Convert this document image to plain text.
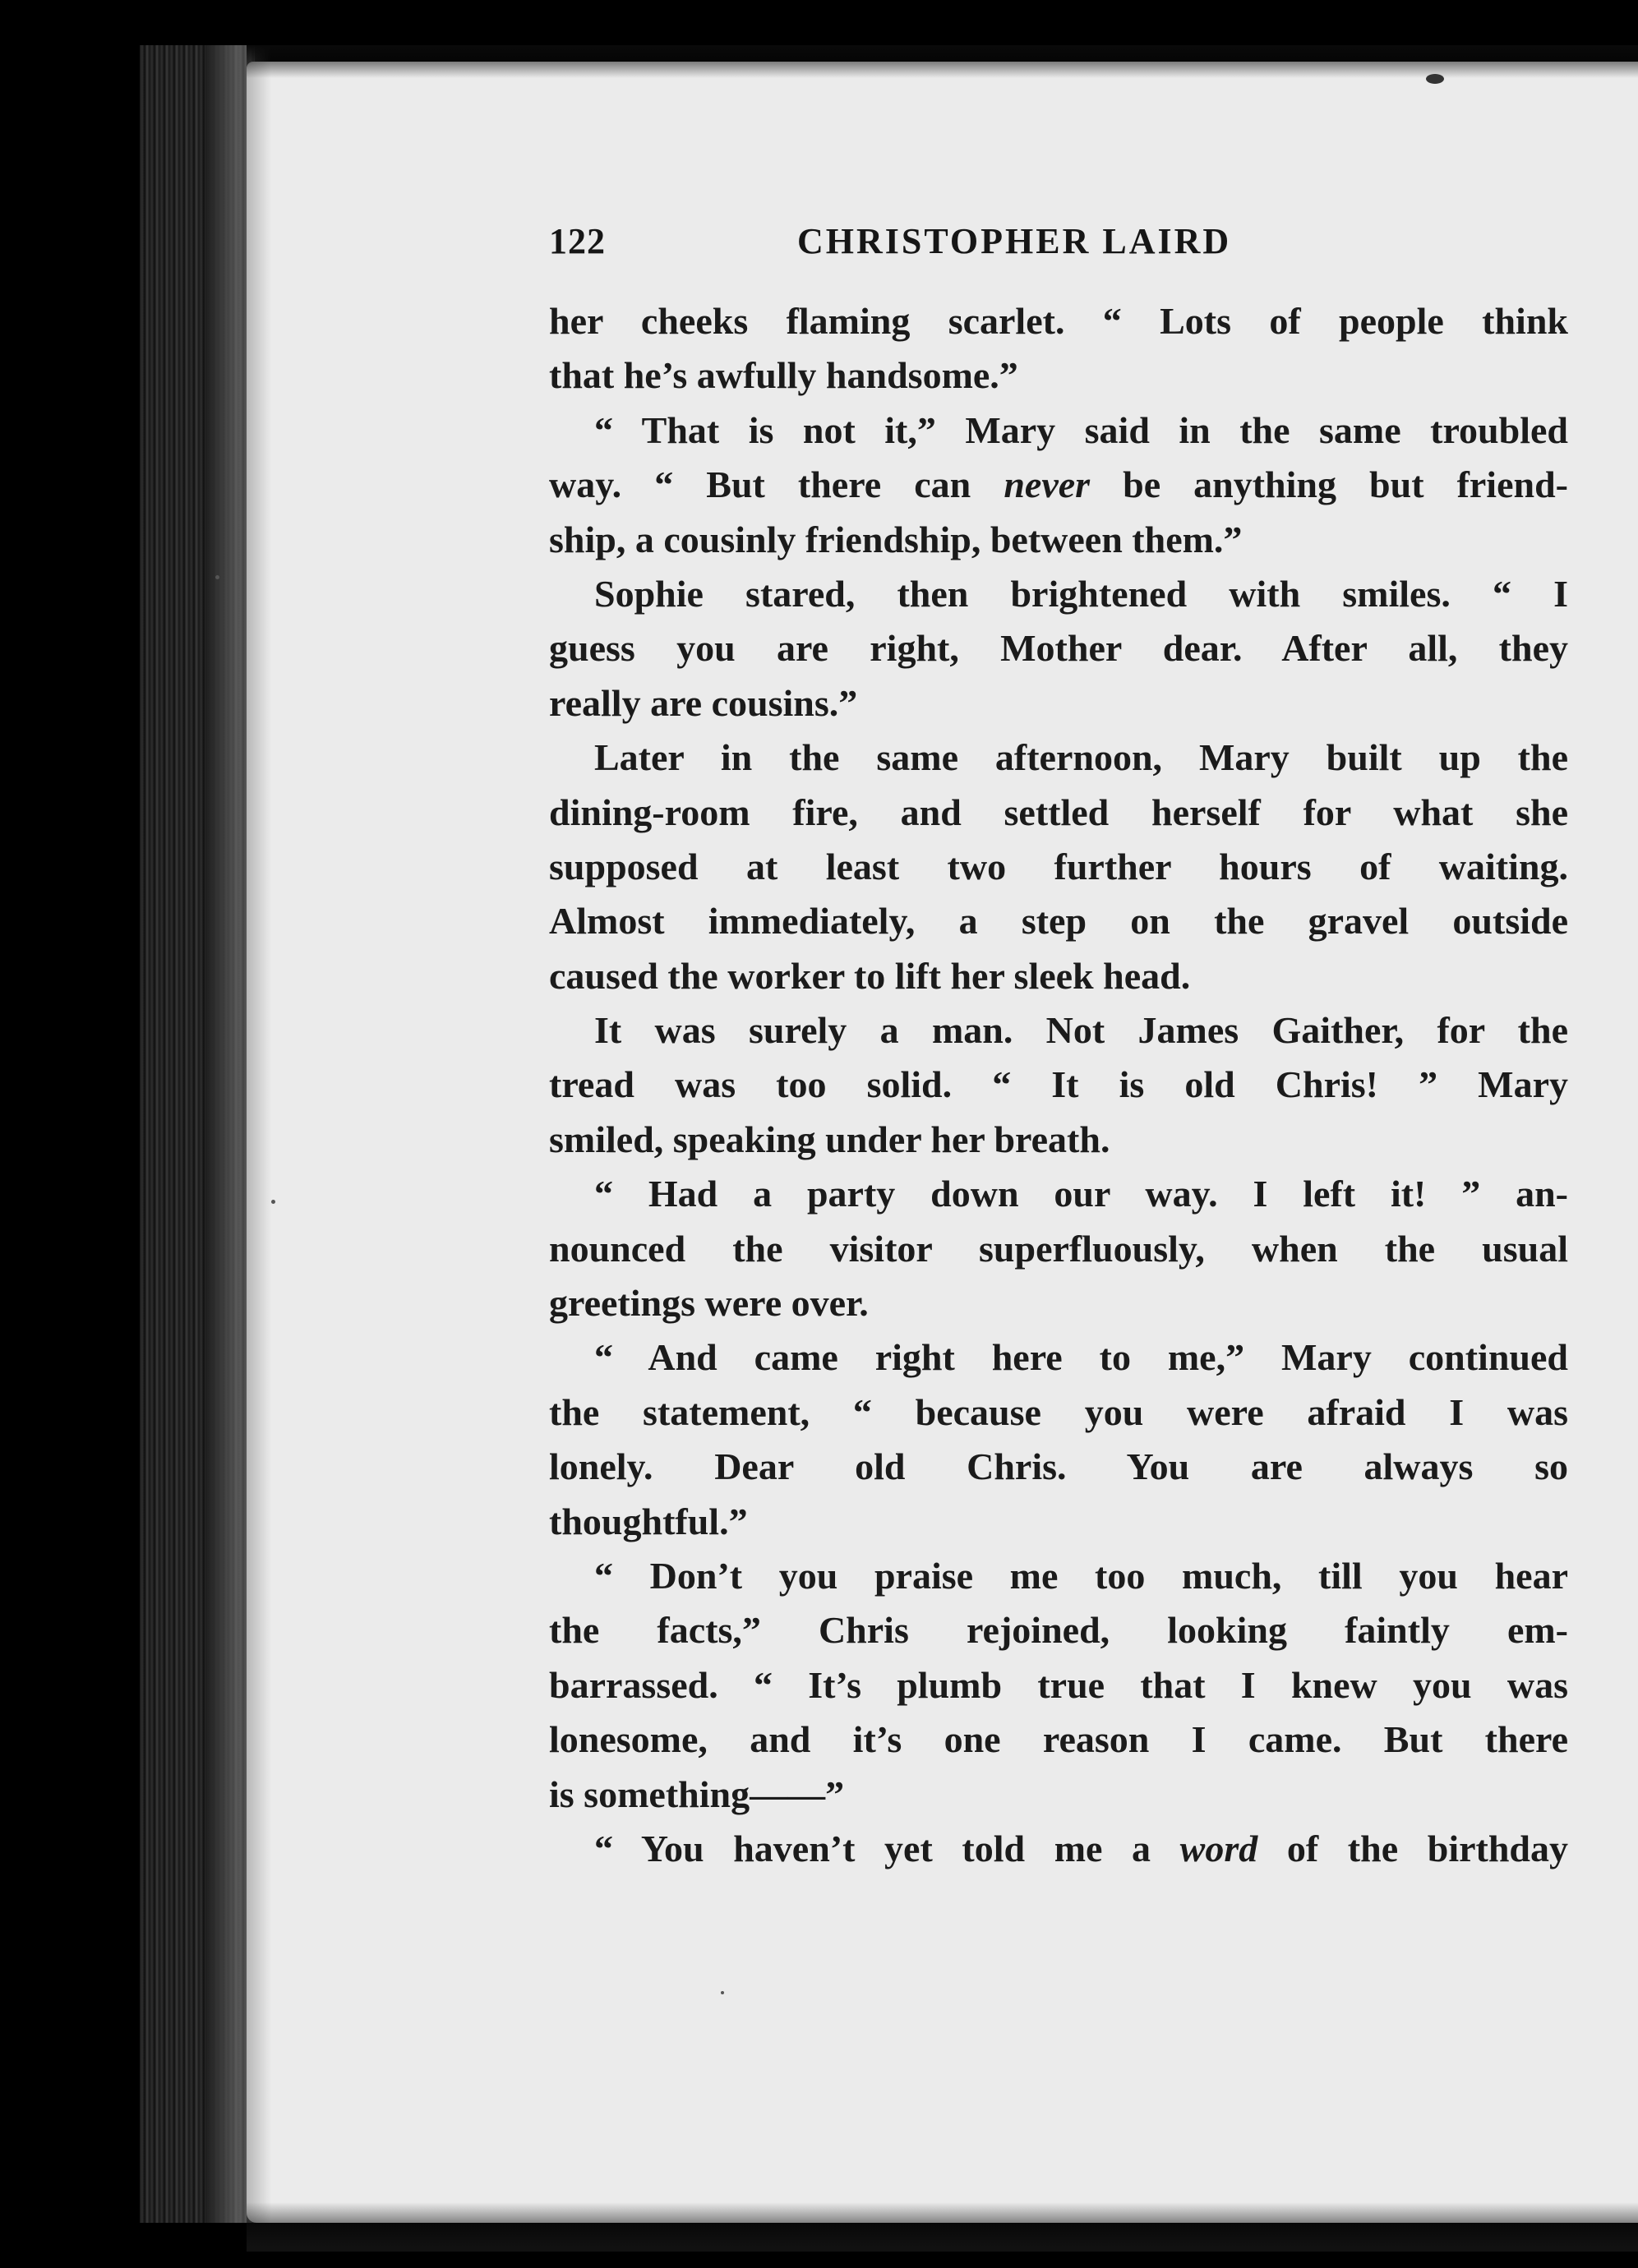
122	CHRISTOPHER LAIRD
her cheeks flaming scarlet. “ Lots of people think
that he’s awfully handsome.”
“ That is not it,” Mary said in the same troubled
way. “ But there can never be anything but friend-
ship, a cousinly friendship, between them.”
Sophie stared, then brightened with smiles. “ I
guess you are right, Mother dear. After all, they
really are cousins.”
Later in the same afternoon, Mary built up the
dining-room fire, and settled herself for what she
supposed at least two further hours of waiting.
Almost immediately, a step on the gravel outside
caused the worker to lift her sleek head.
It was surely a man. Not James Gaither, for the
tread was too solid. “ It is old Chris! ” Mary
smiled, speaking under her breath.
“ Had a party down our way. I left it! ” an-
nounced the visitor superfluously, when the usual
greetings were over.
“ And came right here to me,” Mary continued
the statement, “ because you were afraid I was
lonely. Dear old Chris. You are always so
thoughtful.”
“ Don’t you praise me too much, till you hear
the facts,” Chris rejoined, looking faintly em-
barrassed. “ It’s plumb true that I knew you was
lonesome, and it’s one reason I came. But there
is something——”
“ You haven’t yet told me a word of the birthday
